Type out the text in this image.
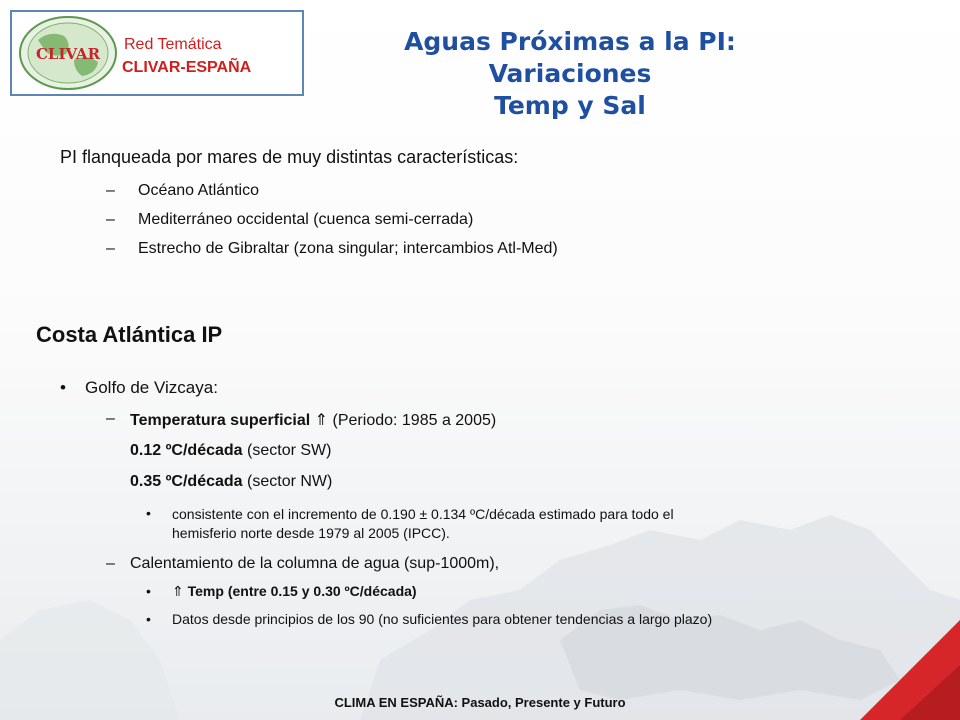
CLIVAR
Red Temática
CLIVAR-ESPAÑA
Aguas Próximas a la PI: Variaciones
Temp y Sal
PI flanqueada por mares de muy distintas características:
– Océano Atlántico
– Mediterráneo occidental (cuenca semi-cerrada)
– Estrecho de Gibraltar (zona singular; intercambios Atl-Med)
Costa Atlántica IP
• Golfo de Vizcaya:
– Temperatura superficial ⇑ (Periodo: 1985 a 2005)
0.12 ºC/década (sector SW)
0.35 ºC/década (sector NW)
• consistente con el incremento de 0.190 ± 0.134 ºC/década estimado para todo el
hemisferio norte desde 1979 al 2005 (IPCC).
– Calentamiento de la columna de agua (sup-1000m),
• ⇑ Temp (entre 0.15 y 0.30 ºC/década)
• Datos desde principios de los 90 (no suficientes para obtener tendencias a largo plazo)
CLIMA EN ESPAÑA: Pasado, Presente y Futuro
